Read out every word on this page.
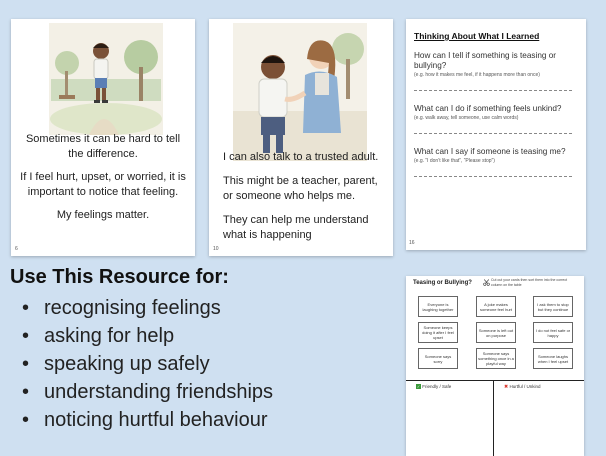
Sometimes it can be hard to tell the difference.

If I feel hurt, upset, or worried, it is important to notice that feeling.

My feelings matter.

6

I can also talk to a trusted adult.

This might be a teacher, parent, or someone who helps me.

They can help me understand what is happening

10
Thinking About What I Learned
How can I tell if something is teasing or bullying?
(e.g. how it makes me feel, if it happens more than once)
What can I do if something feels unkind?
(e.g. walk away, tell someone, use calm words)
What can I say if someone is teasing me?
(e.g. “I don’t like that”, “Please stop”)
16
Use This Resource for:
• recognising feelings
• asking for help
• speaking up safely
• understanding friendships
• noticing hurtful behaviour
Teasing or Bullying?	Cut out your cards then sort them into the correct column on the table
Everyone is laughing together
A joke makes someone feel hurt
I ask them to stop but they continue
Someone keeps doing it after I feel upset
Someone is left out on purpose
I do not feel safe or happy
Someone says sorry
Someone says something once in a playful way
Someone laughs when I feel upset
✓ Friendly / Safe	✖ Hurtful / Unkind
